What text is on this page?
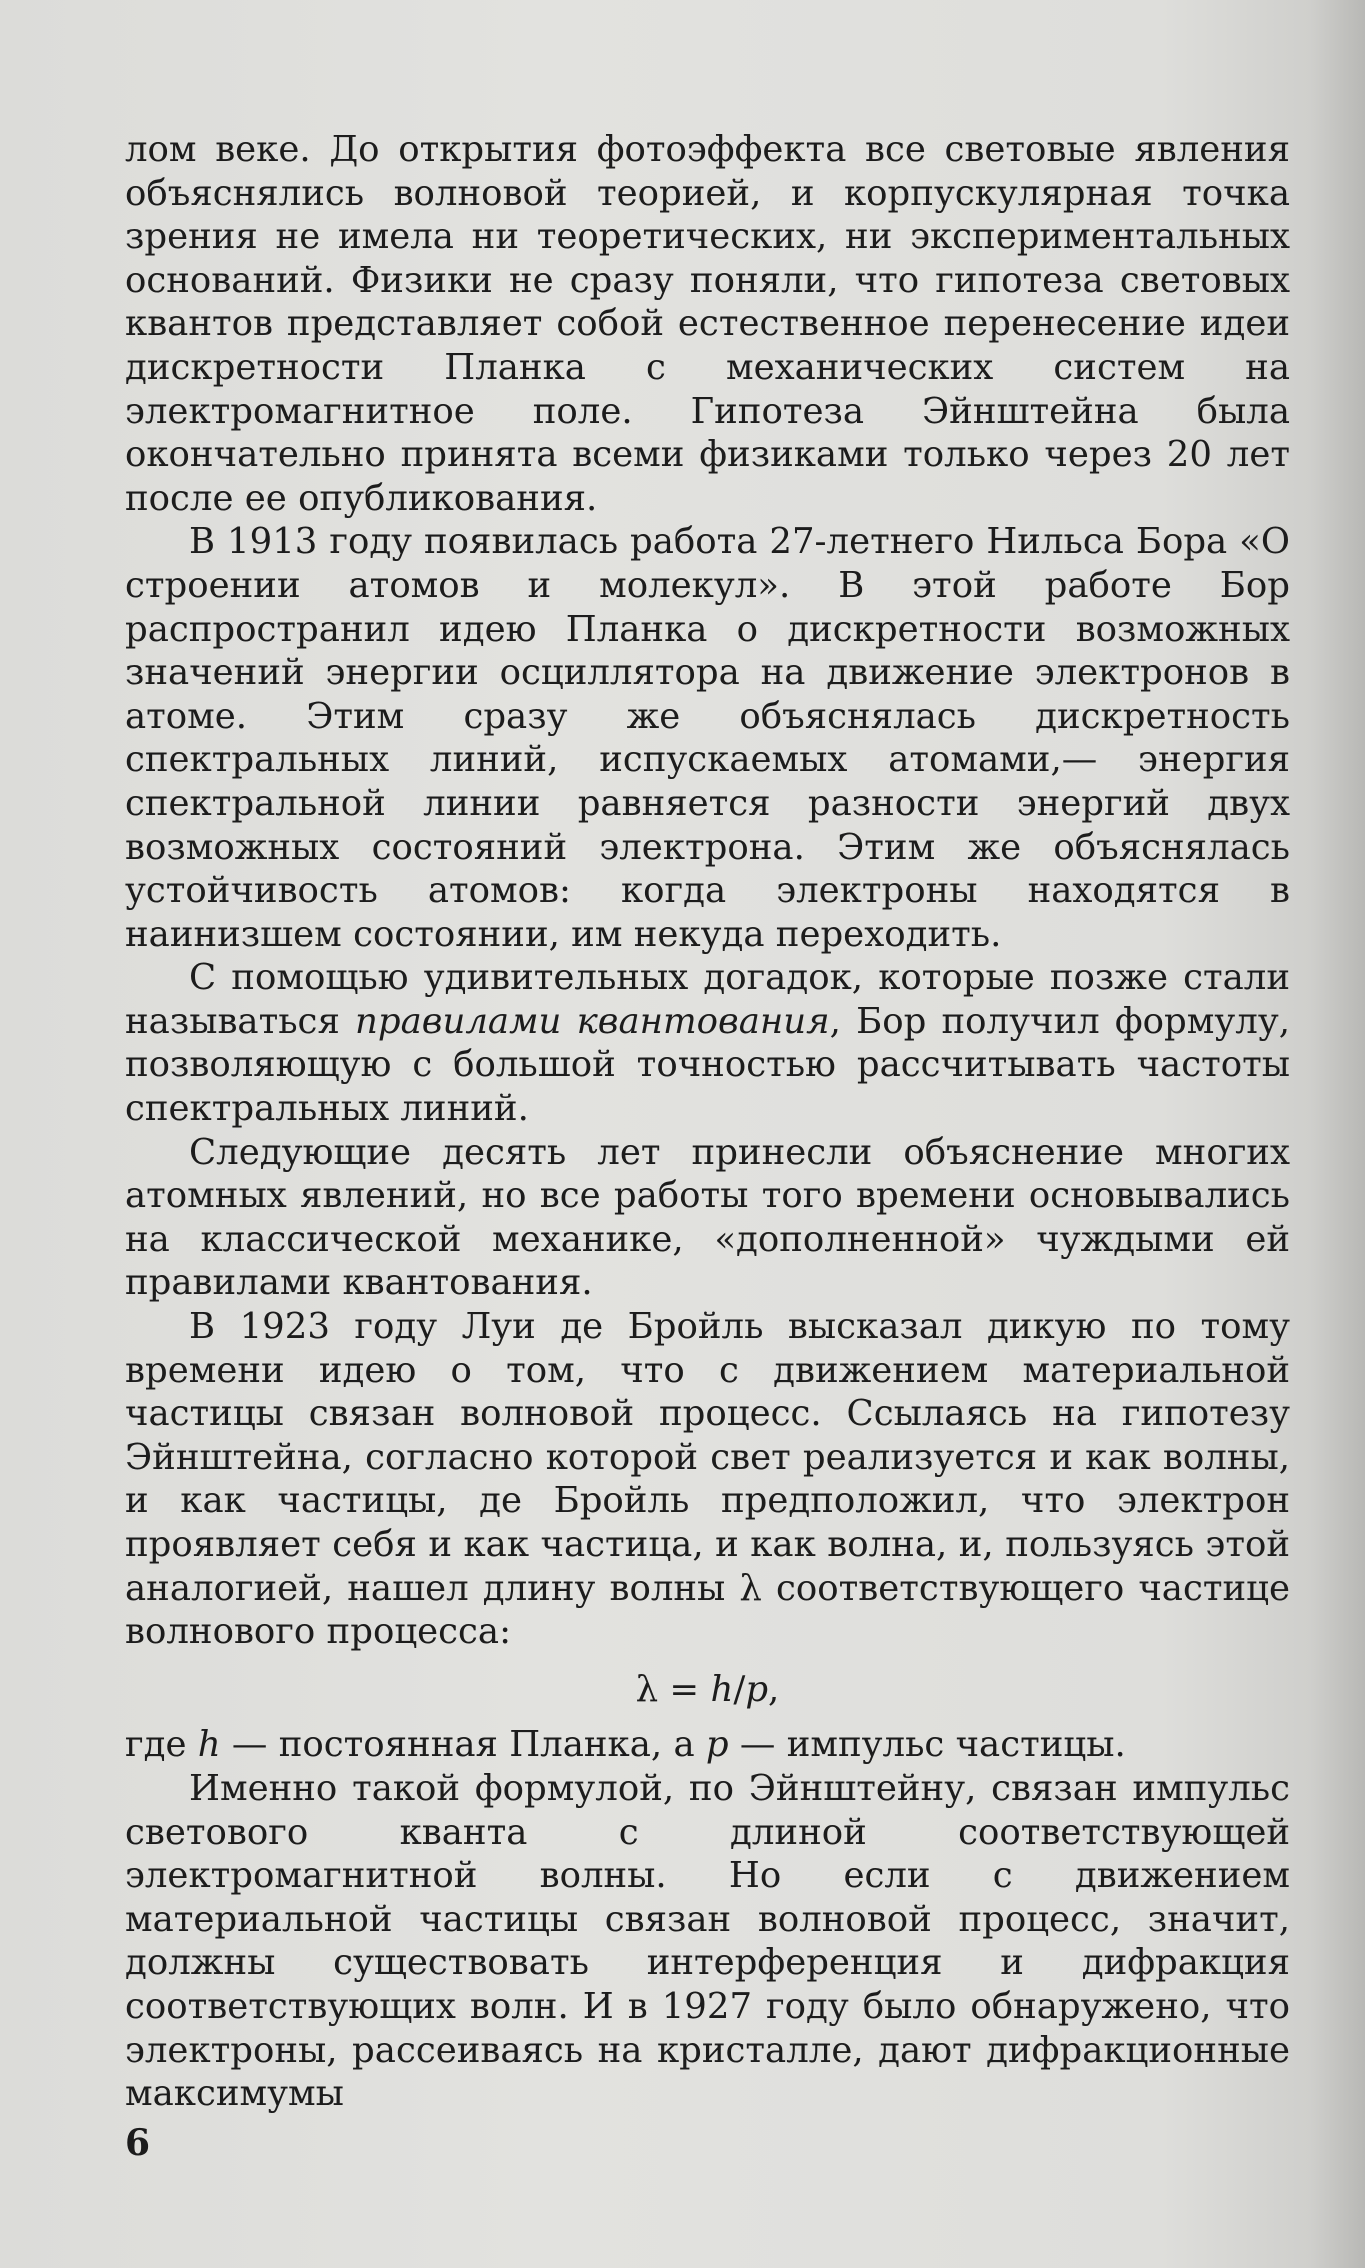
лом веке. До открытия фотоэффекта все световые явления объяснялись волновой теорией, и корпускулярная точка зрения не имела ни теоретических, ни экспериментальных оснований. Физики не сразу поняли, что гипотеза световых квантов представляет собой естественное перенесение идеи дискретности Планка с механических систем на электромагнитное поле. Гипотеза Эйнштейна была окончательно принята всеми физиками только через 20 лет после ее опубликования.

В 1913 году появилась работа 27-летнего Нильса Бора «О строении атомов и молекул». В этой работе Бор распространил идею Планка о дискретности возможных значений энергии осциллятора на движение электронов в атоме. Этим сразу же объяснялась дискретность спектральных линий, испускаемых атомами,— энергия спектральной линии равняется разности энергий двух возможных состояний электрона. Этим же объяснялась устойчивость атомов: когда электроны находятся в наинизшем состоянии, им некуда переходить.

С помощью удивительных догадок, которые позже стали называться правилами квантования, Бор получил формулу, позволяющую с большой точностью рассчитывать частоты спектральных линий.

Следующие десять лет принесли объяснение многих атомных явлений, но все работы того времени основывались на классической механике, «дополненной» чуждыми ей правилами квантования.

В 1923 году Луи де Бройль высказал дикую по тому времени идею о том, что с движением материальной частицы связан волновой процесс. Ссылаясь на гипотезу Эйнштейна, согласно которой свет реализуется и как волны, и как частицы, де Бройль предположил, что электрон проявляет себя и как частица, и как волна, и, пользуясь этой аналогией, нашел длину волны λ соответствующего частице волнового процесса:

λ = h/p,

где h — постоянная Планка, а p — импульс частицы.

Именно такой формулой, по Эйнштейну, связан импульс светового кванта с длиной соответствующей электромагнитной волны. Но если с движением материальной частицы связан волновой процесс, значит, должны существовать интерференция и дифракция соответствующих волн. И в 1927 году было обнаружено, что электроны, рассеиваясь на кристалле, дают дифракционные максимумы

6
